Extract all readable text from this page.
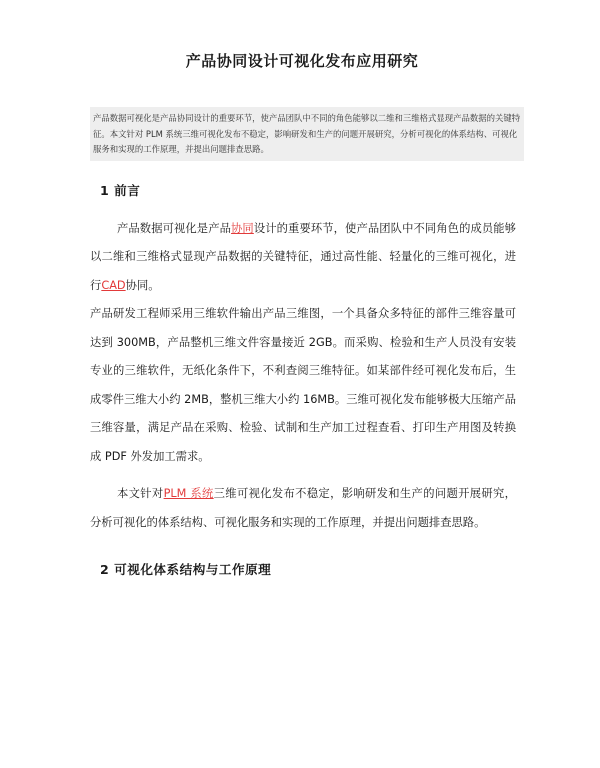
产品协同设计可视化发布应用研究
产品数据可视化是产品协同设计的重要环节，使产品团队中不同的角色能够以二维和三维格式显现产品数据的关键特征。本文针对 PLM 系统三维可视化发布不稳定，影响研发和生产的问题开展研究，分析可视化的体系结构、可视化服务和实现的工作原理，并提出问题排查思路。
1 前言

产品数据可视化是产品协同设计的重要环节，使产品团队中不同角色的成员能够以二维和三维格式显现产品数据的关键特征，通过高性能、轻量化的三维可视化，进行CAD协同。

产品研发工程师采用三维软件输出产品三维图，一个具备众多特征的部件三维容量可达到 300MB，产品整机三维文件容量接近 2GB。而采购、检验和生产人员没有安装专业的三维软件，无纸化条件下，不利查阅三维特征。如某部件经可视化发布后，生成零件三维大小约 2MB，整机三维大小约 16MB。三维可视化发布能够极大压缩产品三维容量，满足产品在采购、检验、试制和生产加工过程查看、打印生产用图及转换成 PDF 外发加工需求。

本文针对PLM 系统三维可视化发布不稳定，影响研发和生产的问题开展研究，分析可视化的体系结构、可视化服务和实现的工作原理，并提出问题排查思路。

2 可视化体系结构与工作原理
